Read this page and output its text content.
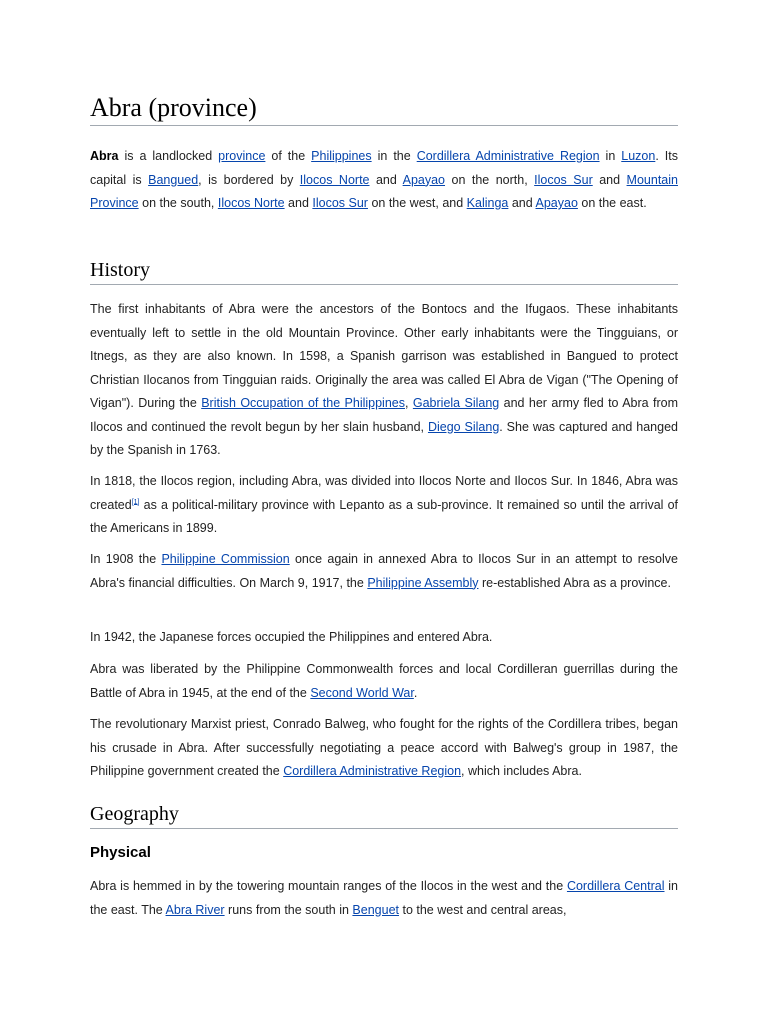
Abra (province)

Abra is a landlocked province of the Philippines in the Cordillera Administrative Region in Luzon. Its capital is Bangued, is bordered by Ilocos Norte and Apayao on the north, Ilocos Sur and Mountain Province on the south, Ilocos Norte and Ilocos Sur on the west, and Kalinga and Apayao on the east.

History

The first inhabitants of Abra were the ancestors of the Bontocs and the Ifugaos. These inhabitants eventually left to settle in the old Mountain Province. Other early inhabitants were the Tingguians, or Itnegs, as they are also known. In 1598, a Spanish garrison was established in Bangued to protect Christian Ilocanos from Tingguian raids. Originally the area was called El Abra de Vigan ("The Opening of Vigan"). During the British Occupation of the Philippines, Gabriela Silang and her army fled to Abra from Ilocos and continued the revolt begun by her slain husband, Diego Silang. She was captured and hanged by the Spanish in 1763.

In 1818, the Ilocos region, including Abra, was divided into Ilocos Norte and Ilocos Sur. In 1846, Abra was created[1] as a political-military province with Lepanto as a sub-province. It remained so until the arrival of the Americans in 1899.

In 1908 the Philippine Commission once again in annexed Abra to Ilocos Sur in an attempt to resolve Abra's financial difficulties. On March 9, 1917, the Philippine Assembly re-established Abra as a province.

In 1942, the Japanese forces occupied the Philippines and entered Abra.

Abra was liberated by the Philippine Commonwealth forces and local Cordilleran guerrillas during the Battle of Abra in 1945, at the end of the Second World War.

The revolutionary Marxist priest, Conrado Balweg, who fought for the rights of the Cordillera tribes, began his crusade in Abra. After successfully negotiating a peace accord with Balweg's group in 1987, the Philippine government created the Cordillera Administrative Region, which includes Abra.

Geography
Physical

Abra is hemmed in by the towering mountain ranges of the Ilocos in the west and the Cordillera Central in the east. The Abra River runs from the south in Benguet to the west and central areas,
